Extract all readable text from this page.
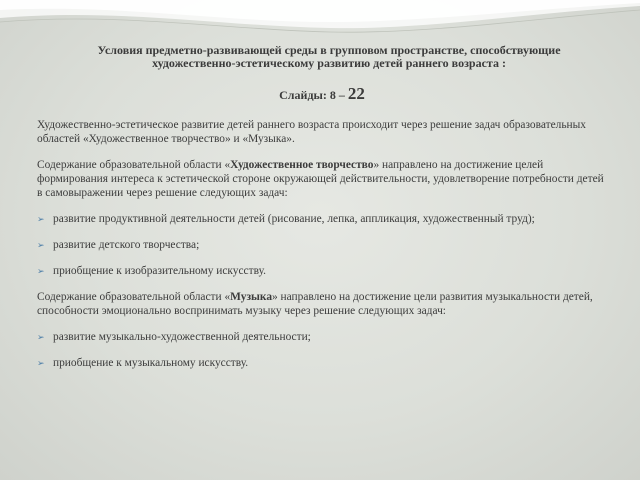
Условия предметно-развивающей среды в групповом пространстве, способствующие
художественно-эстетическому развитию детей раннего возраста :
Слайды: 8 – 22

Художественно-эстетическое развитие детей раннего возраста происходит через решение задач образовательных областей «Художественное творчество» и «Музыка».

Содержание образовательной области «Художественное творчество» направлено на достижение целей формирования интереса к эстетической стороне окружающей действительности, удовлетворение потребности детей в самовыражении через решение следующих задач:

➢ развитие продуктивной деятельности детей (рисование, лепка, аппликация, художественный труд);
➢ развитие детского творчества;
➢ приобщение к изобразительному искусству.

Содержание образовательной области «Музыка» направлено на достижение цели развития музыкальности детей, способности эмоционально воспринимать музыку через решение следующих задач:

➢ развитие музыкально-художественной деятельности;
➢ приобщение к музыкальному искусству.
